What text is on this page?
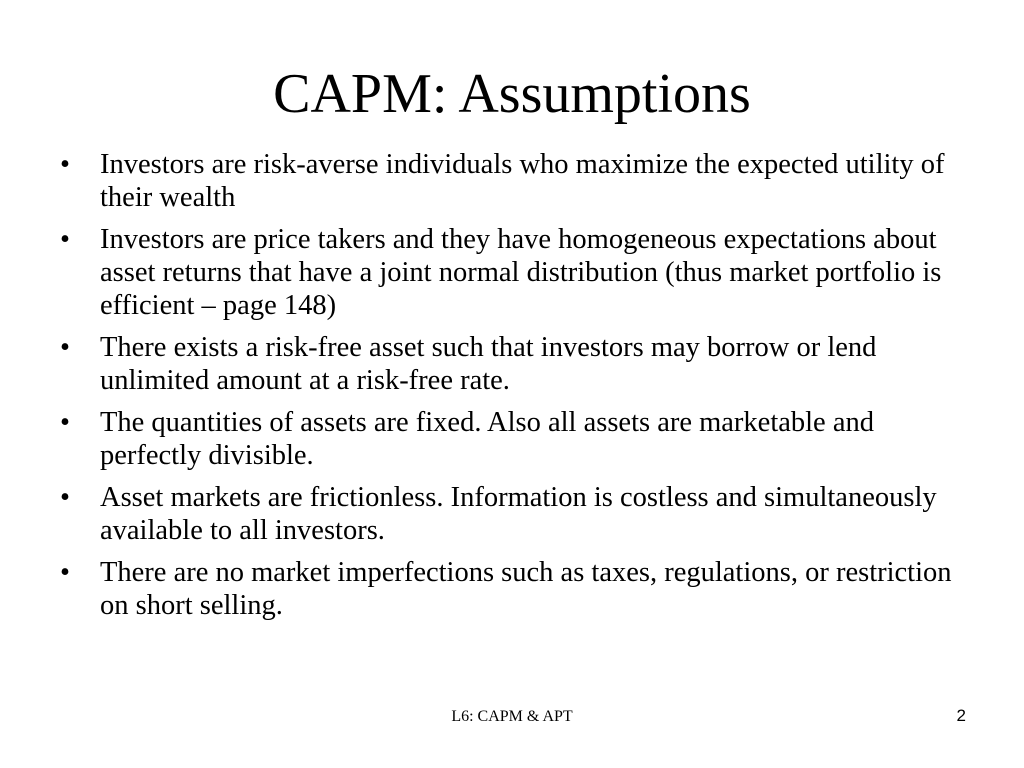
CAPM: Assumptions
• Investors are risk-averse individuals who maximize the expected utility of their wealth
• Investors are price takers and they have homogeneous expectations about asset returns that have a joint normal distribution (thus market portfolio is efficient – page 148)
• There exists a risk-free asset such that investors may borrow or lend unlimited amount at a risk-free rate.
• The quantities of assets are fixed. Also all assets are marketable and perfectly divisible.
• Asset markets are frictionless. Information is costless and simultaneously available to all investors.
• There are no market imperfections such as taxes, regulations, or restriction on short selling.
L6: CAPM & APT	2
